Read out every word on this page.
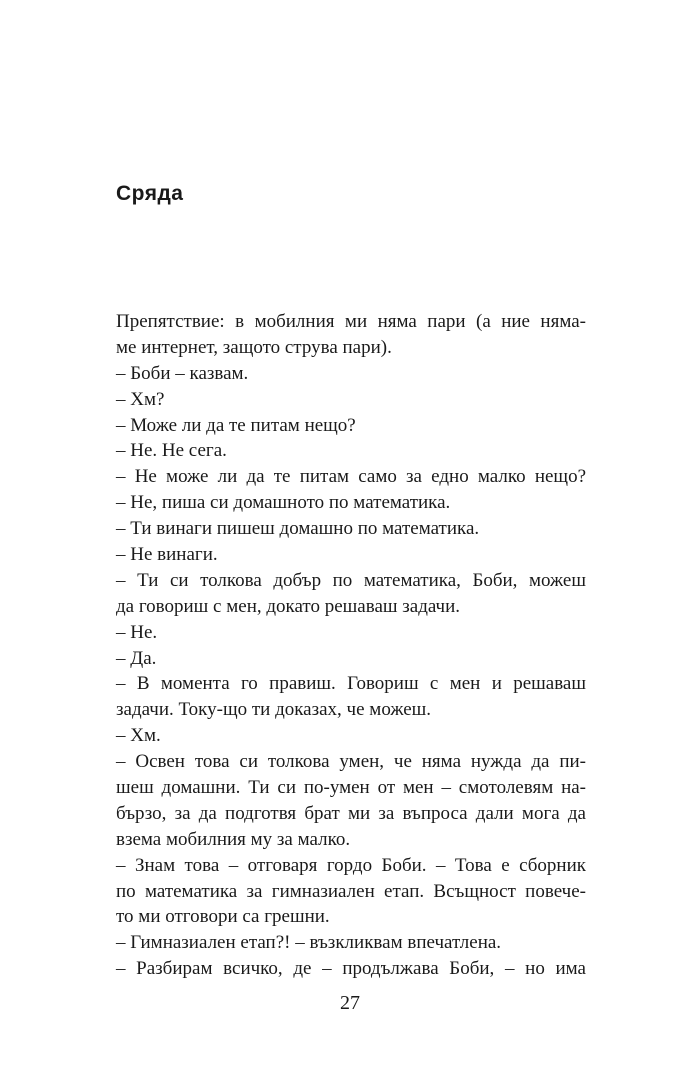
Сряда
Препятствие: в мобилния ми няма пари (а ние няма-
ме интернет, защото струва пари).
– Боби – казвам.
– Хм?
– Може ли да те питам нещо?
– Не. Не сега.
– Не може ли да те питам само за едно малко нещо?
– Не, пиша си домашното по математика.
– Ти винаги пишеш домашно по математика.
– Не винаги.
– Ти си толкова добър по математика, Боби, можеш
да говориш с мен, докато решаваш задачи.
– Не.
– Да.
– В момента го правиш. Говориш с мен и решаваш
задачи. Току-що ти доказах, че можеш.
– Хм.
– Освен това си толкова умен, че няма нужда да пи-
шеш домашни. Ти си по-умен от мен – смотолевям на-
бързо, за да подготвя брат ми за въпроса дали мога да
взема мобилния му за малко.
– Знам това – отговаря гордо Боби. – Това е сборник
по математика за гимназиален етап. Всъщност повече-
то ми отговори са грешни.
– Гимназиален етап?! – възкликвам впечатлена.
– Разбирам всичко, де – продължава Боби, – но има
27
